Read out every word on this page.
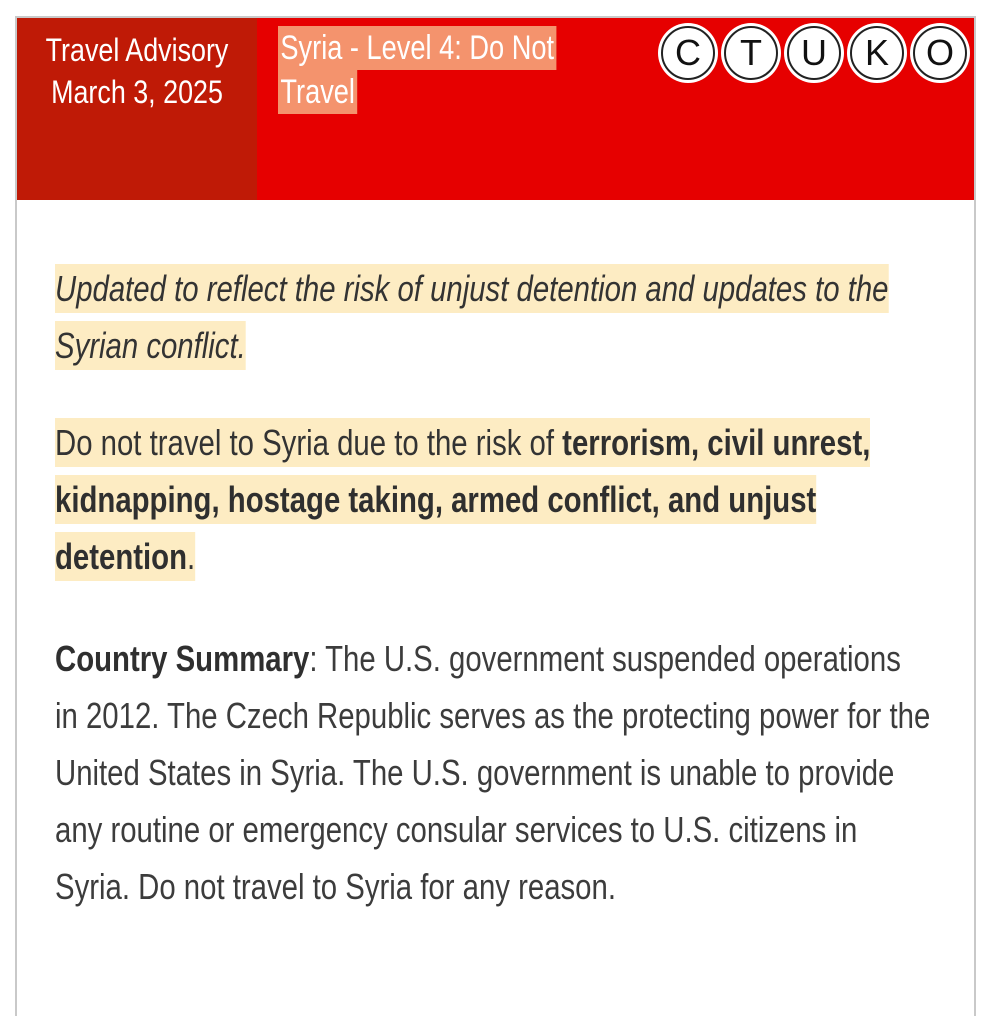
Travel Advisory
March 3, 2025
Syria - Level 4: Do Not
Travel
C	T	U	K	O

Updated to reflect the risk of unjust detention and updates to the Syrian conflict.

Do not travel to Syria due to the risk of terrorism, civil unrest, kidnapping, hostage taking, armed conflict, and unjust detention.

Country Summary: The U.S. government suspended operations in 2012. The Czech Republic serves as the protecting power for the United States in Syria. The U.S. government is unable to provide any routine or emergency consular services to U.S. citizens in Syria. Do not travel to Syria for any reason.
